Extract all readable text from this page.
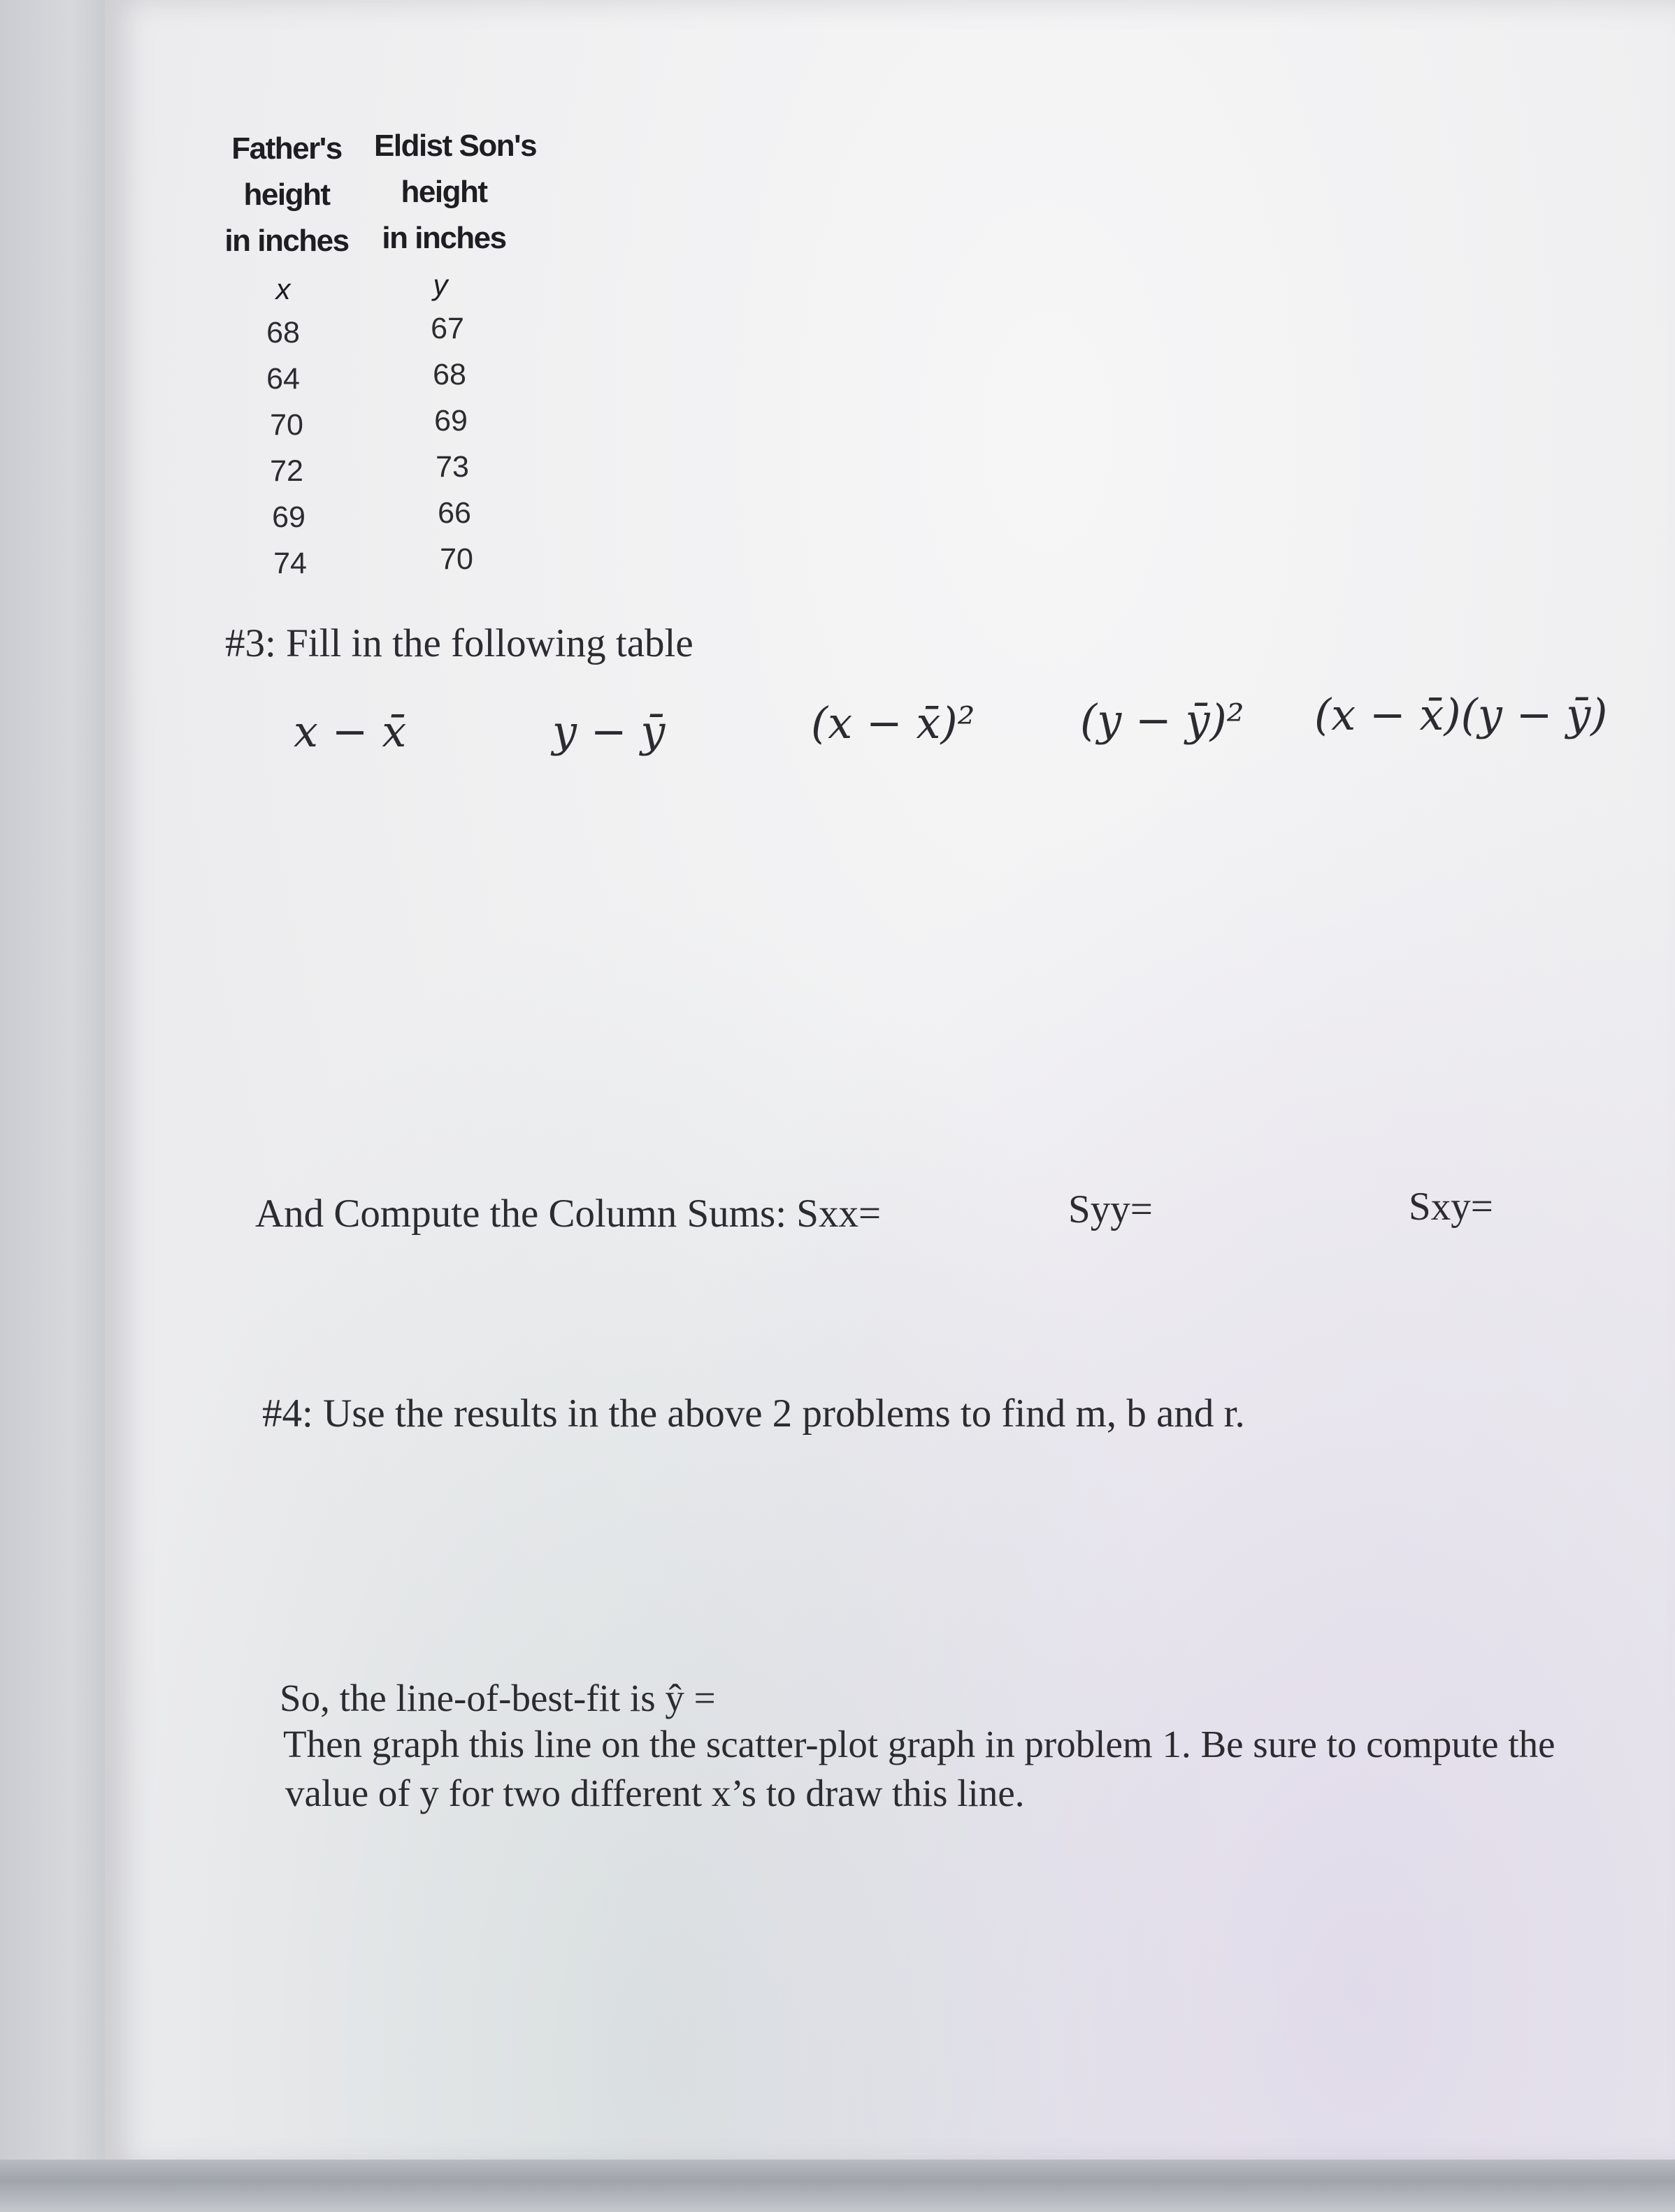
Father's
height
in inches
Eldist Son's
height
in inches
x	y
68	67
64	68
70	69
72	73
69	66
74	70
#3: Fill in the following table
x − x̄	y − ȳ	(x − x̄)² (y − ȳ)² (x − x̄)(y − ȳ)
And Compute the Column Sums: Sxx=	Syy=	Sxy=
#4: Use the results in the above 2 problems to find m, b and r.
So, the line-of-best-fit is ŷ =
Then graph this line on the scatter-plot graph in problem 1. Be sure to compute the
value of y for two different x’s to draw this line.
